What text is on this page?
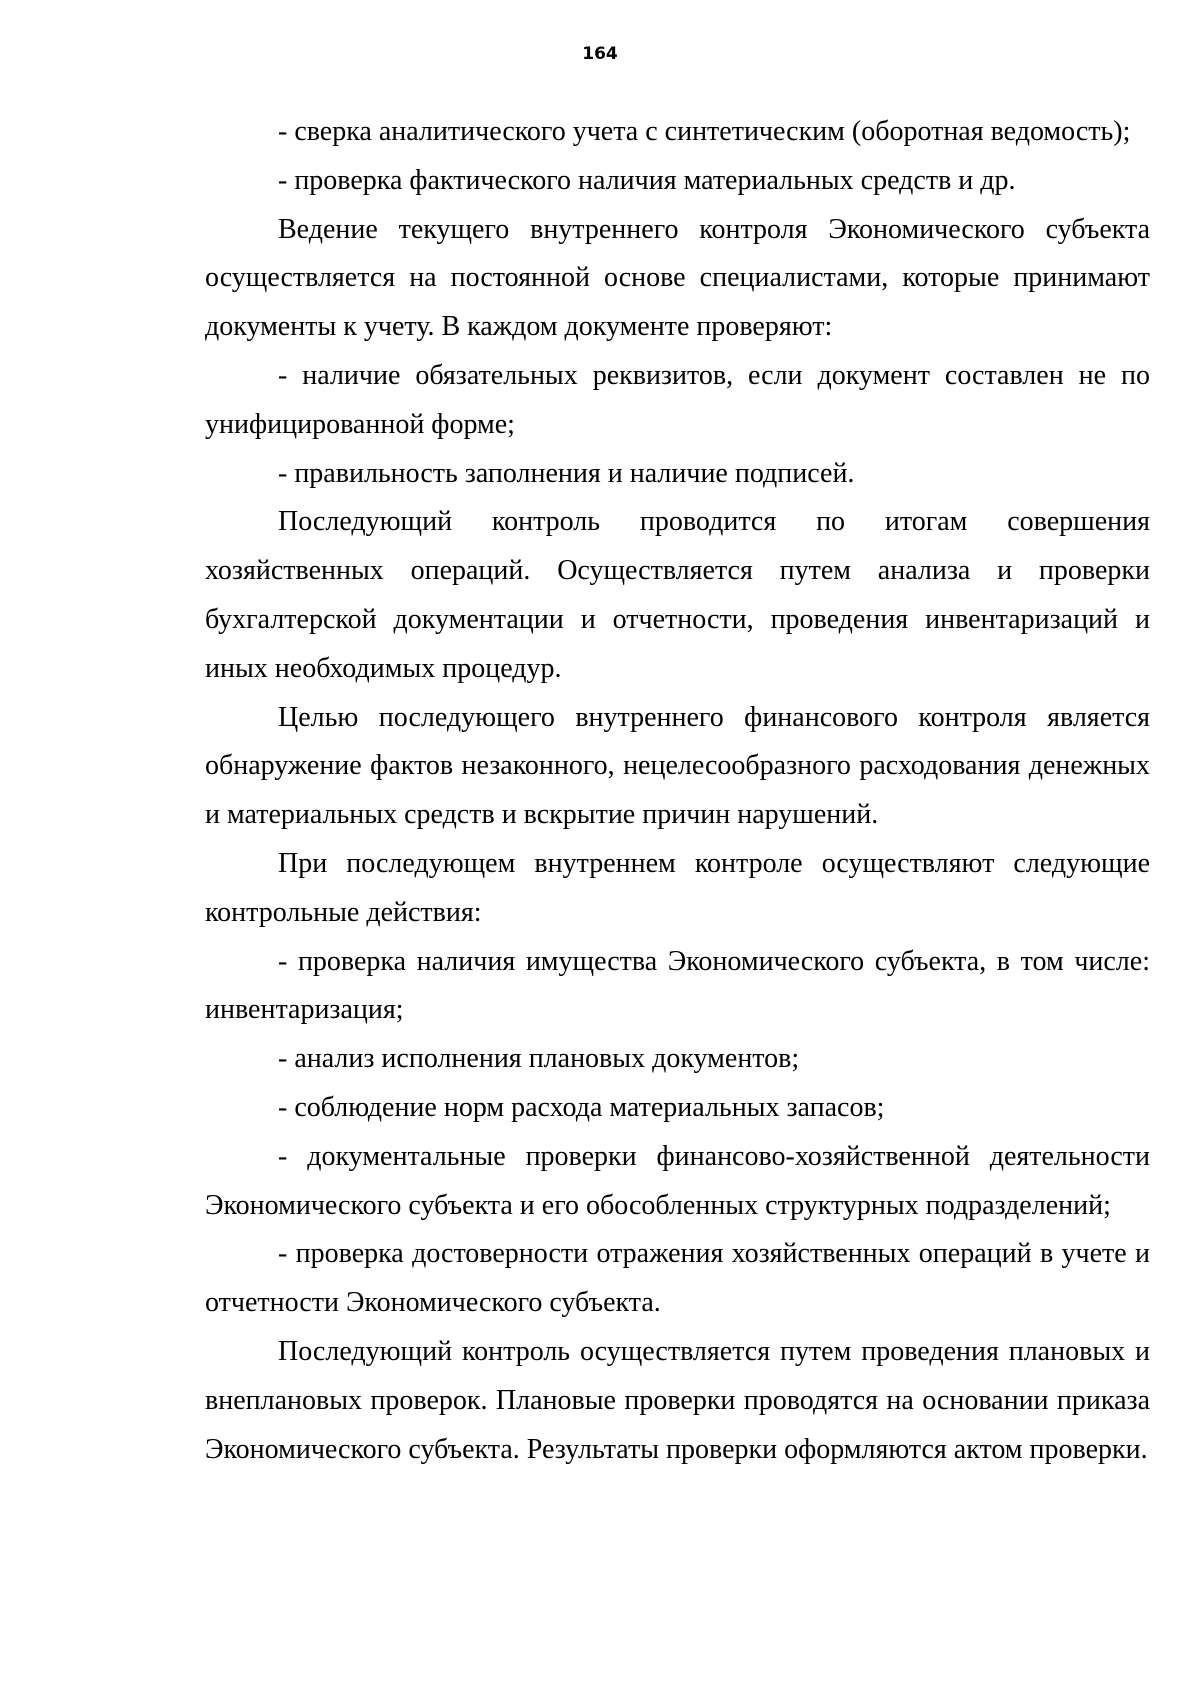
164

- сверка аналитического учета с синтетическим (оборотная ведомость);

- проверка фактического наличия материальных средств и др.

Ведение текущего внутреннего контроля Экономического субъекта осуществляется на постоянной основе специалистами, которые принимают документы к учету. В каждом документе проверяют:

- наличие обязательных реквизитов, если документ составлен не по унифицированной форме;

- правильность заполнения и наличие подписей.

Последующий контроль проводится по итогам совершения хозяйственных операций. Осуществляется путем анализа и проверки бухгалтерской документации и отчетности, проведения инвентаризаций и иных необходимых процедур.

Целью последующего внутреннего финансового контроля является обнаружение фактов незаконного, нецелесообразного расходования денежных и материальных средств и вскрытие причин нарушений.

При последующем внутреннем контроле осуществляют следующие контрольные действия:

- проверка наличия имущества Экономического субъекта, в том числе: инвентаризация;

- анализ исполнения плановых документов;

- соблюдение норм расхода материальных запасов;

- документальные проверки финансово-хозяйственной деятельности Экономического субъекта и его обособленных структурных подразделений;

- проверка достоверности отражения хозяйственных операций в учете и отчетности Экономического субъекта.

Последующий контроль осуществляется путем проведения плановых и внеплановых проверок. Плановые проверки проводятся на основании приказа Экономического субъекта. Результаты проверки оформляются актом проверки.
